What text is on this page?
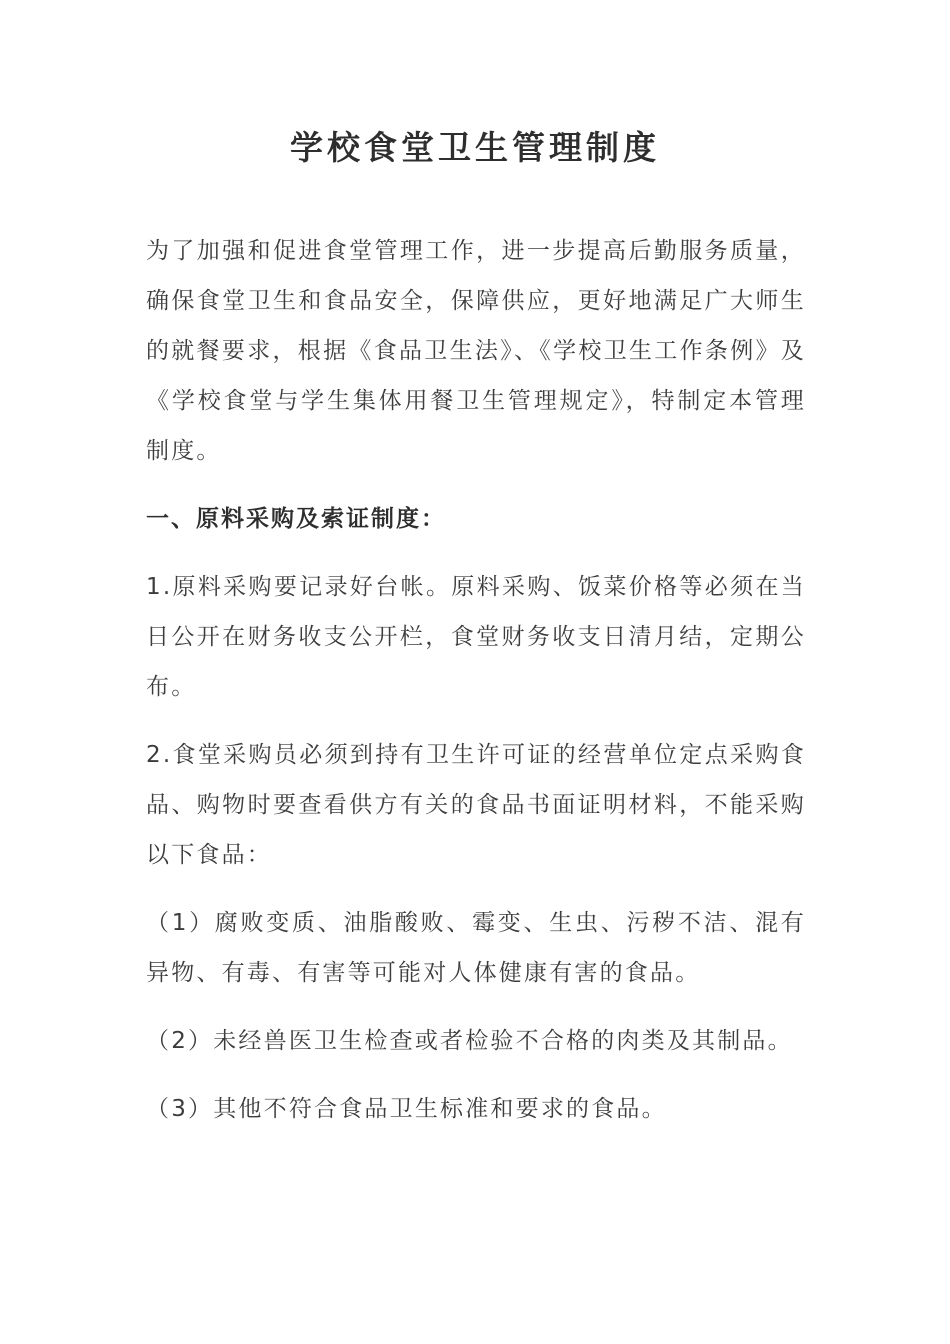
学校食堂卫生管理制度

为了加强和促进食堂管理工作，进一步提高后勤服务质量，确保食堂卫生和食品安全，保障供应，更好地满足广大师生的就餐要求，根据《食品卫生法》、《学校卫生工作条例》及《学校食堂与学生集体用餐卫生管理规定》，特制定本管理制度。

一、原料采购及索证制度：

1.原料采购要记录好台帐。原料采购、饭菜价格等必须在当日公开在财务收支公开栏，食堂财务收支日清月结，定期公布。

2.食堂采购员必须到持有卫生许可证的经营单位定点采购食品、购物时要查看供方有关的食品书面证明材料，不能采购以下食品：

（1）腐败变质、油脂酸败、霉变、生虫、污秽不洁、混有异物、有毒、有害等可能对人体健康有害的食品。

（2）未经兽医卫生检查或者检验不合格的肉类及其制品。

（3）其他不符合食品卫生标准和要求的食品。
